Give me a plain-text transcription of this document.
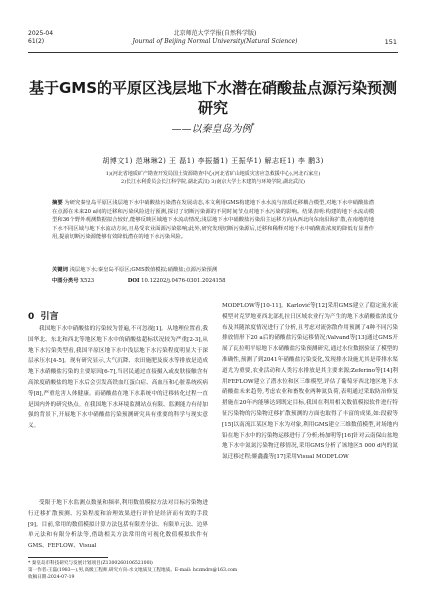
2025-04
61(2)
北京师范大学学报(自然科学版)
Journal of Beijing Normal University(Natural Science)	151
基于GMS的平原区浅层地下水潜在硝酸盐点源污染预测研究
——以秦皇岛为例*
胡博文1) 范琳琳2) 王 磊1) 李振播1) 王振华1) 解志旺1) 李 鹏3)
1)(河北省地质矿产勘查开发局国土资源勘查中心(河北省矿山地质灾害应急救援中心),河北石家庄)
2)长江水利委员会长江科学院,湖北武汉) 3)南京大学土木建筑与环境学院,湖北武汉)
摘要 为研究秦皇岛平原区浅层地下水中硝酸盐污染潜在发展动态,本文利用GMS构建地下水水流与溶质迁移耦合模型,对地下水中硝酸盐潜在点源在未来20 a间的迁移和污染风险进行预测,探讨了切断污染源的不同时间节点对地下水污染的影响。结果表明:构建的地下水流动模型和36个野外观测数据拟合较好,能够反映区域地下水流动情况;浅层地下水中硝酸盐污染沿主运移方向从西北向东南沿海扩散,在南地的地下水不同区域与地下水流动方向,且易受农业面源污染影响;此外,研究发现切断污染源后,迁移和稀释对地下水中硝酸盐浓度的降低有显著作用,提前切断污染源能够有效降低潜在的地下水污染风险。
关键词 浅层地下水;秦皇岛平原区;GMS数值模拟;硝酸盐;点源污染预测
中图分类号 X523	DOI 10.12202/j.0476-0301.2024158
0 引言

我国地下水中硝酸盐的污染较为普遍,不可忽视[1]。从地理位置看,我国华北、东北和西北等地区地下水中的硝酸盐超标状况较为严重[2-3],从地下水污染类型看,我国平原区地下水中浅层地下水污染程度明显大于深层承压水[4-5]。现有研究显示,大气沉降、农田施肥及废水等排放是造成地下水硝酸盐污染的主要原因[6-7],当居民通过直接摄入或皮肤接触含有高浓度硝酸盐的地下水后会引发高铁血红蛋白症、高血压和心脏系统疾病等[8],严重危害人体健康。而硝酸盐在地下水系统中的迁移转化过程一直是国内外的研究热点。在我国地下水环境监测站点有限、监测能力有待加强的背景下,开展地下水中硝酸盐污染预测研究具有重要的科学与现实意义。

受限于地下水监测点数量和频率,利用数值模拟方法对目标污染物进行迁移扩散预测、污染程度和治理效果进行评价是经济而有效的手段[9]。目前,常用的数值模拟计算方法包括有限差分法、有限单元法、边界单元法和有限分析法等,借助相关方法常用的可视化数值模拟软件有GMS、FEFLOW、Visual

MODFLOW等[10-11]。Karlović等[12]采用GMS建立了稳定流水流模型对克罗地亚西北部扎拉日区域农业行为产生的地下水硝酸盐浓度分布及其随浓度情况进行了分析,且考虑对流弥散作用预测了4种不同污染排放情形下20 a后的硝酸盐污染运移情况;Valvand等[13]通过GMS开展了瓦拉明平原地下水硝酸盐污染预测研究,通过水位数据验证了模型的准确性,预测了到2041年硝酸盐污染变化,发现排水设施尤其是带排水渠道尤为重要,农业活动和人类污水排放是其主要来源;Zeferino等[14]利用FEFLOW建立了潜水位和区三维模型,评估了葡萄牙西北地区地下水硝酸盐未来趋势,考虑农业和畜牧业两种氮负荷,表明通过采取防治修复措施在20年内能够达到既定目标,我国在利用相关数值模拟软件进行特征污染物的污染物迁移扩散预测的方面也取得了丰富的成果,如:段毅等[15]以南流江某区地下水为对象,利用GMS建立三维数值模型,对场地内铅在地下水中的污染物运移进行了分析;杨加明等[16]针对云南保山盆地地下水中氮氮污染物迁移情况,采用GMS分析了该地区5 000 d内的氮氮迁移过程;姬鑫鑫等[17]采用Visual MODFLOW

* 秦皇岛市科技研究与发展计划项目(Z130026010652100l)
第一作者:王磊(1983—),男,高级工程师,研究方向:水文地质及工程地质。E-mail: hczmdrs@163.com
收稿日期:2024-07-19
